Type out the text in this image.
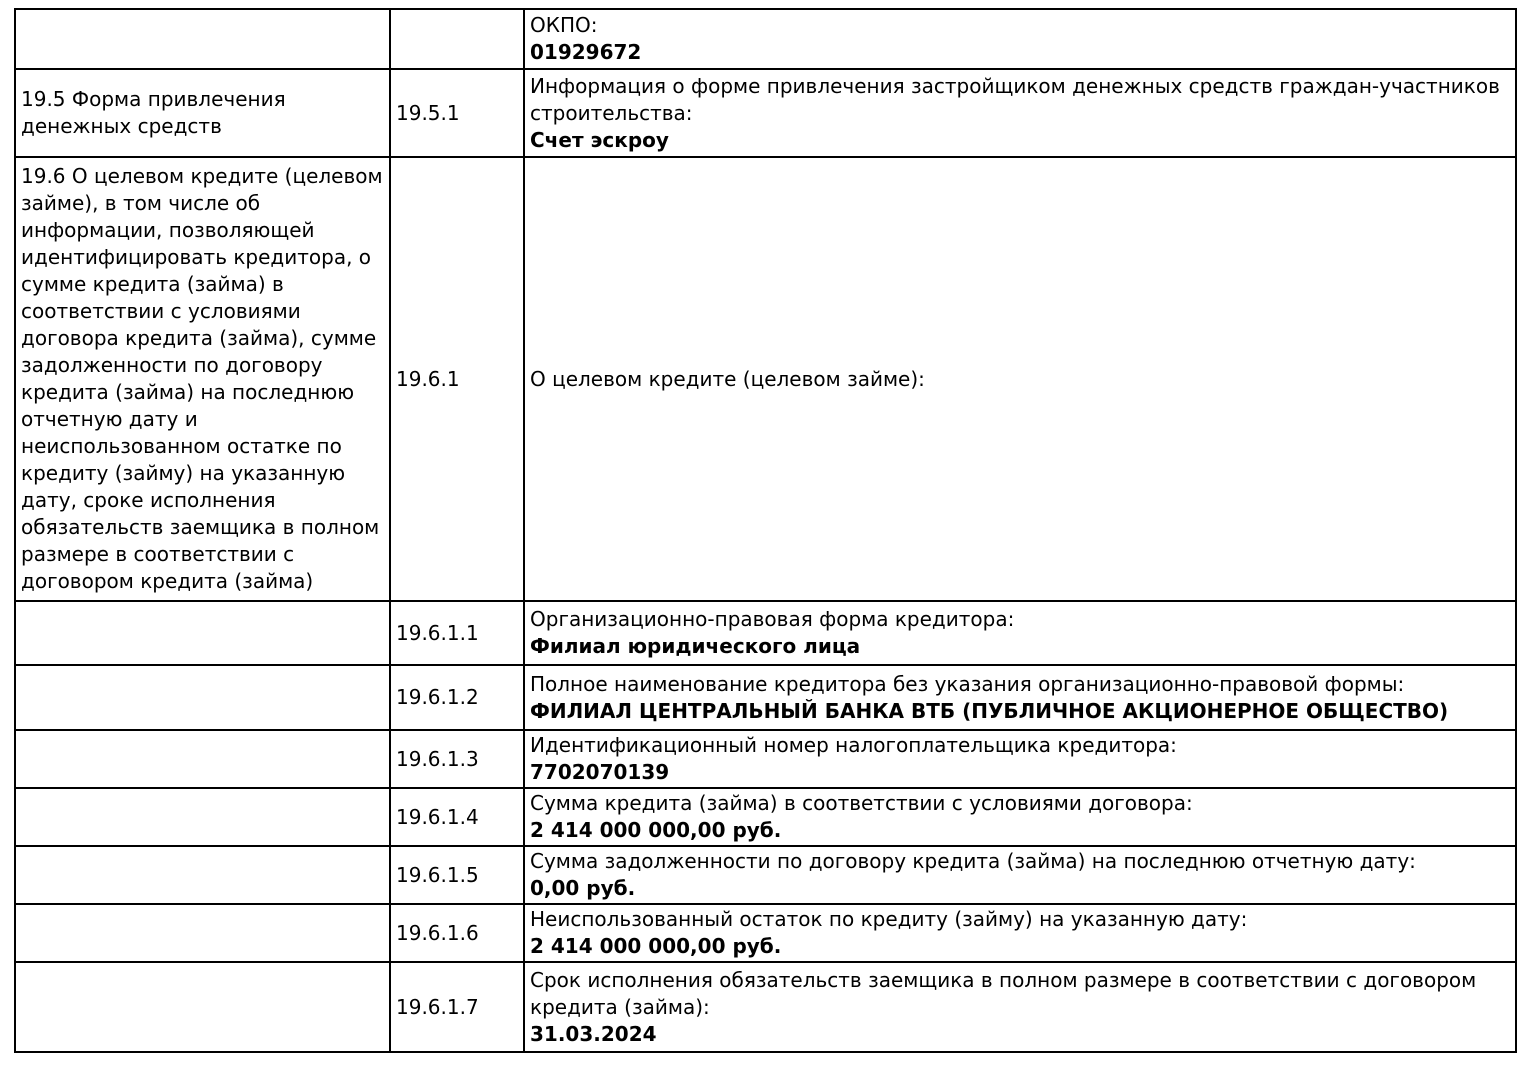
		ОКПО:
01929672

19.5 Форма привлечения денежных средств	19.5.1	Информация о форме привлечения застройщиком денежных средств граждан-участников строительства:
Счет эскроу

19.6 О целевом кредите (целевом займе), в том числе об информации, позволяющей идентифицировать кредитора, о сумме кредита (займа) в соответствии с условиями договора кредита (займа), сумме задолженности по договору кредита (займа) на последнюю отчетную дату и неиспользованном остатке по кредиту (займу) на указанную дату, сроке исполнения обязательств заемщика в полном размере в соответствии с договором кредита (займа)	19.6.1	О целевом кредите (целевом займе):

	19.6.1.1	Организационно-правовая форма кредитора:
Филиал юридического лица

	19.6.1.2	Полное наименование кредитора без указания организационно-правовой формы:
ФИЛИАЛ ЦЕНТРАЛЬНЫЙ БАНКА ВТБ (ПУБЛИЧНОЕ АКЦИОНЕРНОЕ ОБЩЕСТВО)

	19.6.1.3	Идентификационный номер налогоплательщика кредитора:
7702070139

	19.6.1.4	Сумма кредита (займа) в соответствии с условиями договора:
2 414 000 000,00 руб.

	19.6.1.5	Сумма задолженности по договору кредита (займа) на последнюю отчетную дату:
0,00 руб.

	19.6.1.6	Неиспользованный остаток по кредиту (займу) на указанную дату:
2 414 000 000,00 руб.

	19.6.1.7	Срок исполнения обязательств заемщика в полном размере в соответствии с договором кредита (займа):
31.03.2024
